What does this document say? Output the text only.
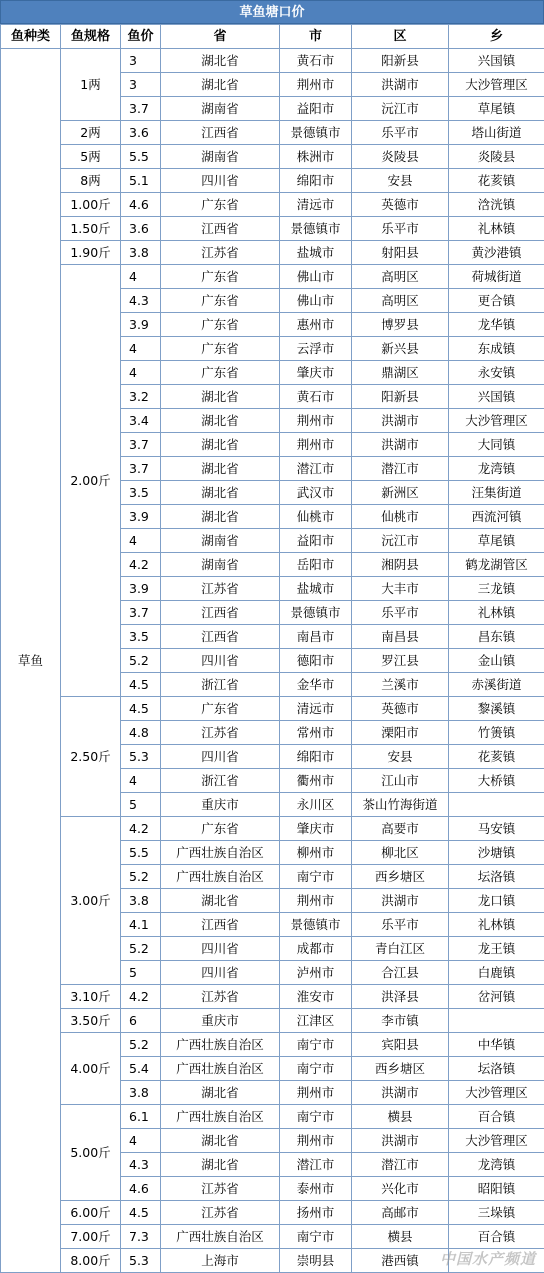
草鱼塘口价
鱼种类	鱼规格	鱼价	省	市	区	乡
草鱼	1两	3	湖北省	黄石市	阳新县	兴国镇
		3	湖北省	荆州市	洪湖市	大沙管理区
		3.7	湖南省	益阳市	沅江市	草尾镇
	2两	3.6	江西省	景德镇市	乐平市	塔山街道
	5两	5.5	湖南省	株洲市	炎陵县	炎陵县
	8两	5.1	四川省	绵阳市	安县	花荄镇
	1.00斤	4.6	广东省	清远市	英德市	浛洸镇
	1.50斤	3.6	江西省	景德镇市	乐平市	礼林镇
	1.90斤	3.8	江苏省	盐城市	射阳县	黄沙港镇
	2.00斤	4	广东省	佛山市	高明区	荷城街道
		4.3	广东省	佛山市	高明区	更合镇
		3.9	广东省	惠州市	博罗县	龙华镇
		4	广东省	云浮市	新兴县	东成镇
		4	广东省	肇庆市	鼎湖区	永安镇
		3.2	湖北省	黄石市	阳新县	兴国镇
		3.4	湖北省	荆州市	洪湖市	大沙管理区
		3.7	湖北省	荆州市	洪湖市	大同镇
		3.7	湖北省	潜江市	潜江市	龙湾镇
		3.5	湖北省	武汉市	新洲区	汪集街道
		3.9	湖北省	仙桃市	仙桃市	西流河镇
		4	湖南省	益阳市	沅江市	草尾镇
		4.2	湖南省	岳阳市	湘阴县	鹤龙湖管区
		3.9	江苏省	盐城市	大丰市	三龙镇
		3.7	江西省	景德镇市	乐平市	礼林镇
		3.5	江西省	南昌市	南昌县	昌东镇
		5.2	四川省	德阳市	罗江县	金山镇
		4.5	浙江省	金华市	兰溪市	赤溪街道
	2.50斤	4.5	广东省	清远市	英德市	黎溪镇
		4.8	江苏省	常州市	溧阳市	竹箦镇
		5.3	四川省	绵阳市	安县	花荄镇
		4	浙江省	衢州市	江山市	大桥镇
		5	重庆市	永川区	茶山竹海街道	
	3.00斤	4.2	广东省	肇庆市	高要市	马安镇
		5.5	广西壮族自治区	柳州市	柳北区	沙塘镇
		5.2	广西壮族自治区	南宁市	西乡塘区	坛洛镇
		3.8	湖北省	荆州市	洪湖市	龙口镇
		4.1	江西省	景德镇市	乐平市	礼林镇
		5.2	四川省	成都市	青白江区	龙王镇
		5	四川省	泸州市	合江县	白鹿镇
	3.10斤	4.2	江苏省	淮安市	洪泽县	岔河镇
	3.50斤	6	重庆市	江津区	李市镇	
	4.00斤	5.2	广西壮族自治区	南宁市	宾阳县	中华镇
		5.4	广西壮族自治区	南宁市	西乡塘区	坛洛镇
		3.8	湖北省	荆州市	洪湖市	大沙管理区
	5.00斤	6.1	广西壮族自治区	南宁市	横县	百合镇
		4	湖北省	荆州市	洪湖市	大沙管理区
		4.3	湖北省	潜江市	潜江市	龙湾镇
		4.6	江苏省	泰州市	兴化市	昭阳镇
	6.00斤	4.5	江苏省	扬州市	高邮市	三垛镇
	7.00斤	7.3	广西壮族自治区	南宁市	横县	百合镇
	8.00斤	5.3	上海市	崇明县	港西镇	中国水产频道
